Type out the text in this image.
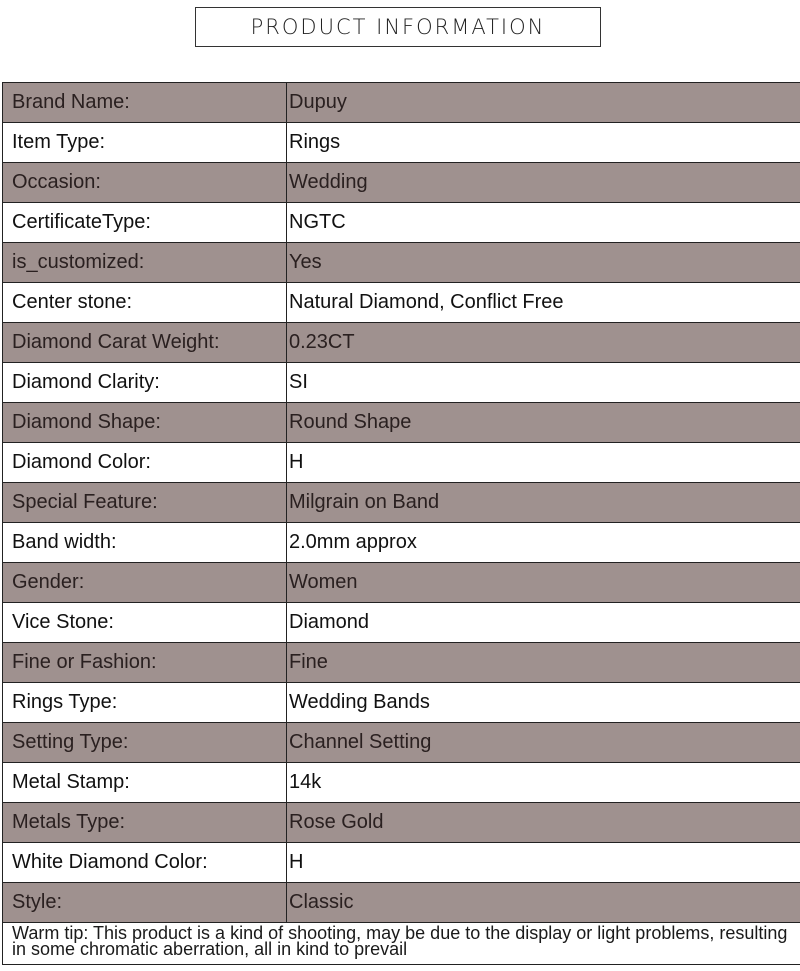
PRODUCT INFORMATION
Brand Name:	Dupuy
Item Type:	Rings
Occasion:	Wedding
CertificateType:	NGTC
is_customized:	Yes
Center stone:	Natural Diamond, Conflict Free
Diamond Carat Weight:	0.23CT
Diamond Clarity:	SI
Diamond Shape:	Round Shape
Diamond Color:	H
Special Feature:	Milgrain on Band
Band width:	2.0mm approx
Gender:	Women
Vice Stone:	Diamond
Fine or Fashion:	Fine
Rings Type:	Wedding Bands
Setting Type:	Channel Setting
Metal Stamp:	14k
Metals Type:	Rose Gold
White Diamond Color:	H
Style:	Classic
Warm tip: This product is a kind of shooting, may be due to the display or light problems, resulting in some chromatic aberration, all in kind to prevail	
